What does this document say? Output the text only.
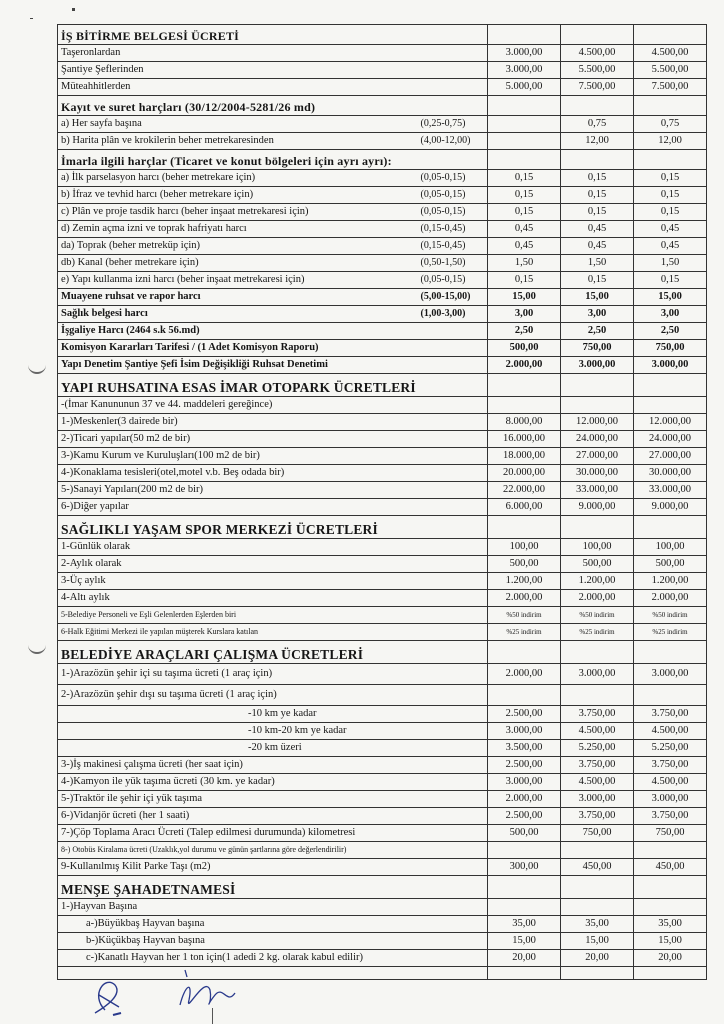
İŞ BİTİRME BELGESİ ÜCRETİ				
Taşeronlardan		3.000,00	4.500,00	4.500,00
Şantiye Şeflerinden		3.000,00	5.500,00	5.500,00
Müteahhitlerden		5.000,00	7.500,00	7.500,00
Kayıt ve suret harçları (30/12/2004-5281/26 md)				
a) Her sayfa başına	(0,25-0,75)		0,75	0,75
b) Harita plân ve krokilerin beher metrekaresinden	(4,00-12,00)		12,00	12,00
İmarla ilgili harçlar (Ticaret ve konut bölgeleri için ayrı ayrı):				
a) İlk parselasyon harcı (beher metrekare için)	(0,05-0,15)	0,15	0,15	0,15
b) İfraz ve tevhid harcı (beher metrekare için)	(0,05-0,15)	0,15	0,15	0,15
c) Plân ve proje tasdik harcı (beher inşaat metrekaresi için)	(0,05-0,15)	0,15	0,15	0,15
d) Zemin açma izni ve toprak hafriyatı harcı	(0,15-0,45)	0,45	0,45	0,45
da) Toprak (beher metreküp için)	(0,15-0,45)	0,45	0,45	0,45
db) Kanal (beher metrekare için)	(0,50-1,50)	1,50	1,50	1,50
e) Yapı kullanma izni harcı (beher inşaat metrekaresi için)	(0,05-0,15)	0,15	0,15	0,15
Muayene ruhsat ve rapor harcı	(5,00-15,00)	15,00	15,00	15,00
Sağlık belgesi harcı	(1,00-3,00)	3,00	3,00	3,00
İşgaliye Harcı (2464 s.k 56.md)		2,50	2,50	2,50
Komisyon Kararları Tarifesi / (1 Adet Komisyon Raporu)		500,00	750,00	750,00
Yapı Denetim Şantiye Şefi İsim Değişikliği Ruhsat Denetimi		2.000,00	3.000,00	3.000,00
YAPI RUHSATINA ESAS İMAR OTOPARK ÜCRETLERİ				
-(İmar Kanununun 37 ve 44. maddeleri gereğince)				
1-)Meskenler(3 dairede bir)		8.000,00	12.000,00	12.000,00
2-)Ticari yapılar(50 m2 de bir)		16.000,00	24.000,00	24.000,00
3-)Kamu Kurum ve Kuruluşları(100 m2 de bir)		18.000,00	27.000,00	27.000,00
4-)Konaklama tesisleri(otel,motel v.b. Beş odada bir)		20.000,00	30.000,00	30.000,00
5-)Sanayi Yapıları(200 m2 de bir)		22.000,00	33.000,00	33.000,00
6-)Diğer yapılar		6.000,00	9.000,00	9.000,00
SAĞLIKLI YAŞAM SPOR MERKEZİ ÜCRETLERİ				
1-Günlük olarak		100,00	100,00	100,00
2-Aylık olarak		500,00	500,00	500,00
3-Üç aylık		1.200,00	1.200,00	1.200,00
4-Altı aylık		2.000,00	2.000,00	2.000,00
5-Belediye Personeli ve Eşli Gelenlerden Eşlerden biri		%50 indirim	%50 indirim	%50 indirim
6-Halk Eğitimi Merkezi ile yapılan müşterek Kurslara katılan		%25 indirim	%25 indirim	%25 indirim
BELEDİYE ARAÇLARI ÇALIŞMA ÜCRETLERİ				
1-)Arazözün şehir içi su taşıma ücreti (1 araç için)		2.000,00	3.000,00	3.000,00
2-)Arazözün şehir dışı su taşıma ücreti (1 araç için)				
-10 km ye kadar		2.500,00	3.750,00	3.750,00
-10 km-20 km ye kadar		3.000,00	4.500,00	4.500,00
-20 km üzeri		3.500,00	5.250,00	5.250,00
3-)İş makinesi çalışma ücreti (her saat için)		2.500,00	3.750,00	3.750,00
4-)Kamyon ile yük taşıma ücreti (30 km. ye kadar)		3.000,00	4.500,00	4.500,00
5-)Traktör ile şehir içi yük taşıma		2.000,00	3.000,00	3.000,00
6-)Vidanjör ücreti (her 1 saati)		2.500,00	3.750,00	3.750,00
7-)Çöp Toplama Aracı Ücreti (Talep edilmesi durumunda) kilometresi		500,00	750,00	750,00
8-) Otobüs Kiralama ücreti (Uzaklık,yol durumu ve günün şartlarına göre değerlendirilir)				
9-Kullanılmış Kilit Parke Taşı (m2)		300,00	450,00	450,00
MENŞE ŞAHADETNAMESİ				
1-)Hayvan Başına				
a-)Büyükbaş Hayvan başına		35,00	35,00	35,00
b-)Küçükbaş Hayvan başına		15,00	15,00	15,00
c-)Kanatlı Hayvan her 1 ton için(1 adedi 2 kg. olarak kabul edilir)		20,00	20,00	20,00
